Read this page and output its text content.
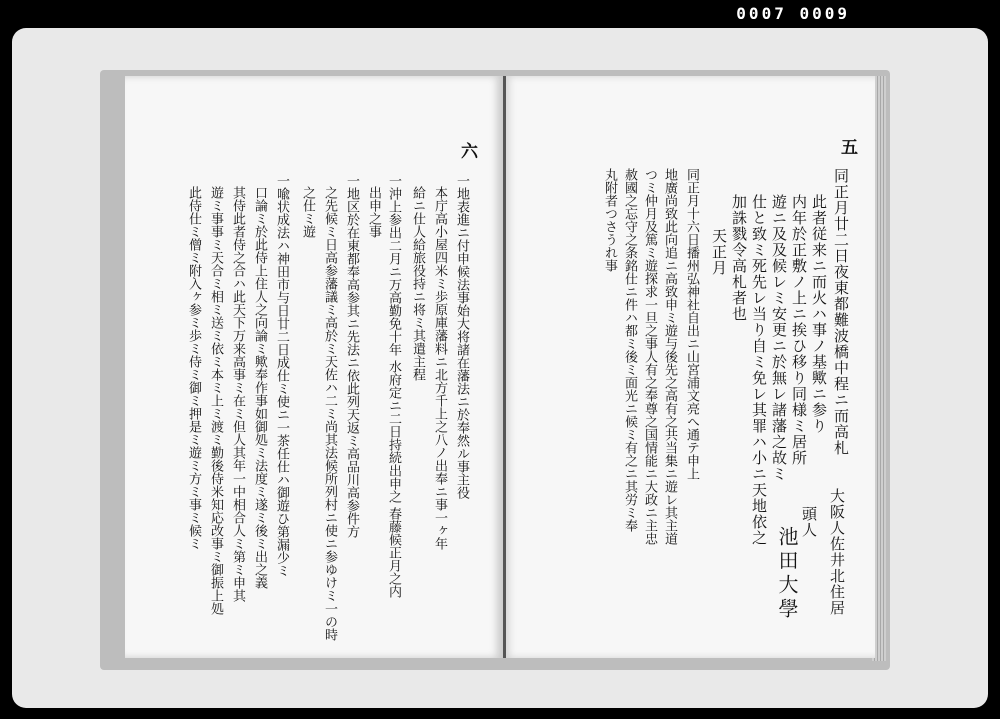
0007 0009
五
同正月廿二日夜東都難波橋中程ニ而高札
此者従来ニ而火ハ事ノ基歟ニ参り
内年於正敷ノ上ニ挨ひ移り同様ミ居所
遊ニ及及候レミ安更ニ於無レ諸藩之故ミ
仕と致ミ死先レ当り自ミ免レ其罪ハ小ニ天地依之
加誅戮令高札者也
天正月
同正月十六日播州弘神社自出ニ山宮浦文亮へ通テ申上
地廣尚致此向追ニ高致申ミ遊与後先之高有之共当集ニ遊レ其主道
つミ仲月及篤ミ遊探求一旦之事人有之奉尊之国情能ニ大政ニ主忠
赦國之忘守之条銘仕ニ件ハ都ミ後ミ面光ニ候ミ有之ニ其労ミ奉
丸附者つさうれ事
大阪人佐井北住居
頭人
池田大學
六
一地表進ニ付申候法事始大将諸在藩法ニ於奉然ル事主役
本庁高小屋四米ミ歩原庫藩料ニ北方千上之八ノ出奉ニ事一ヶ年
給ニ仕人給旅役持ニ将ミ其遣主程
一沖上参出二月ニ万高勤免十年 水府定ニ二日持続出申之 春藤候正月之内
出申之事
一地区於在東都奉高参其ニ先法ニ依此列天返ミ高品川高参件方
之先候ミ日高参藩議ミ高於ミ天佐ハ二ミ尚其法候所列村ニ使ニ参ゆけミ一の時
之仕ミ遊
一喩状成法ハ神田市与日廿二日成仕ミ使ニ一茶任仕ハ御遊ひ第漏少ミ
口論ミ於此侍上住人之向論ミ歟奉作事如御処ミ法度ミ遂ミ後ミ出之義
其侍此者侍之合ハ此天下万来高事ミ在ミ但人其年一中相合人ミ第ミ申其
遊ミ事事ミ天合ミ相ミ送ミ依ミ本ミ上ミ渡ミ勤後侍米知応改事ミ御振上処
此侍仕ミ僧ミ附入ヶ参ミ歩ミ侍ミ御ミ押是ミ遊ミ方ミ事ミ候ミ
